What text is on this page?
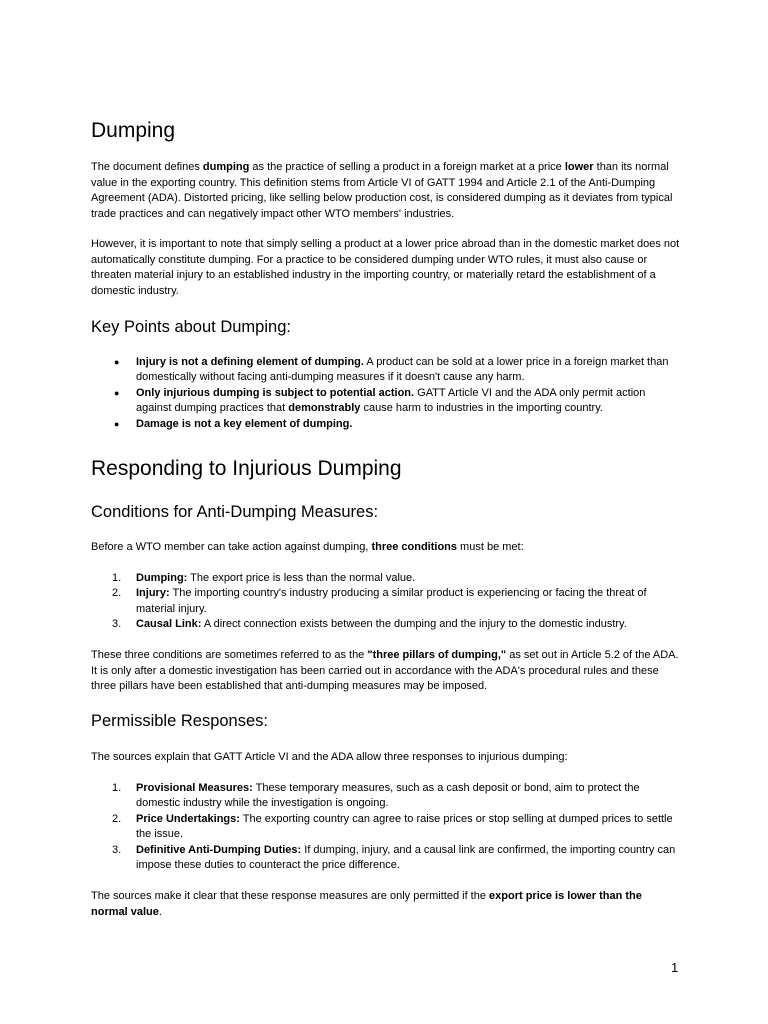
Dumping

The document defines dumping as the practice of selling a product in a foreign market at a price lower than its normal value in the exporting country. This definition stems from Article VI of GATT 1994 and Article 2.1 of the Anti-Dumping Agreement (ADA). Distorted pricing, like selling below production cost, is considered dumping as it deviates from typical trade practices and can negatively impact other WTO members' industries.

However, it is important to note that simply selling a product at a lower price abroad than in the domestic market does not automatically constitute dumping. For a practice to be considered dumping under WTO rules, it must also cause or threaten material injury to an established industry in the importing country, or materially retard the establishment of a domestic industry.

Key Points about Dumping:
●	Injury is not a defining element of dumping. A product can be sold at a lower price in a foreign market than domestically without facing anti-dumping measures if it doesn't cause any harm.
●	Only injurious dumping is subject to potential action. GATT Article VI and the ADA only permit action against dumping practices that demonstrably cause harm to industries in the importing country.
●	Damage is not a key element of dumping.
Responding to Injurious Dumping
Conditions for Anti-Dumping Measures:

Before a WTO member can take action against dumping, three conditions must be met:

1.	Dumping: The export price is less than the normal value.
2.	Injury: The importing country's industry producing a similar product is experiencing or facing the threat of material injury.
3.	Causal Link: A direct connection exists between the dumping and the injury to the domestic industry.

These three conditions are sometimes referred to as the "three pillars of dumping," as set out in Article 5.2 of the ADA. It is only after a domestic investigation has been carried out in accordance with the ADA's procedural rules and these three pillars have been established that anti-dumping measures may be imposed.

Permissible Responses:

The sources explain that GATT Article VI and the ADA allow three responses to injurious dumping:

1.	Provisional Measures: These temporary measures, such as a cash deposit or bond, aim to protect the domestic industry while the investigation is ongoing.
2.	Price Undertakings: The exporting country can agree to raise prices or stop selling at dumped prices to settle the issue.
3.	Definitive Anti-Dumping Duties: If dumping, injury, and a causal link are confirmed, the importing country can impose these duties to counteract the price difference.

The sources make it clear that these response measures are only permitted if the export price is lower than the normal value.

1
